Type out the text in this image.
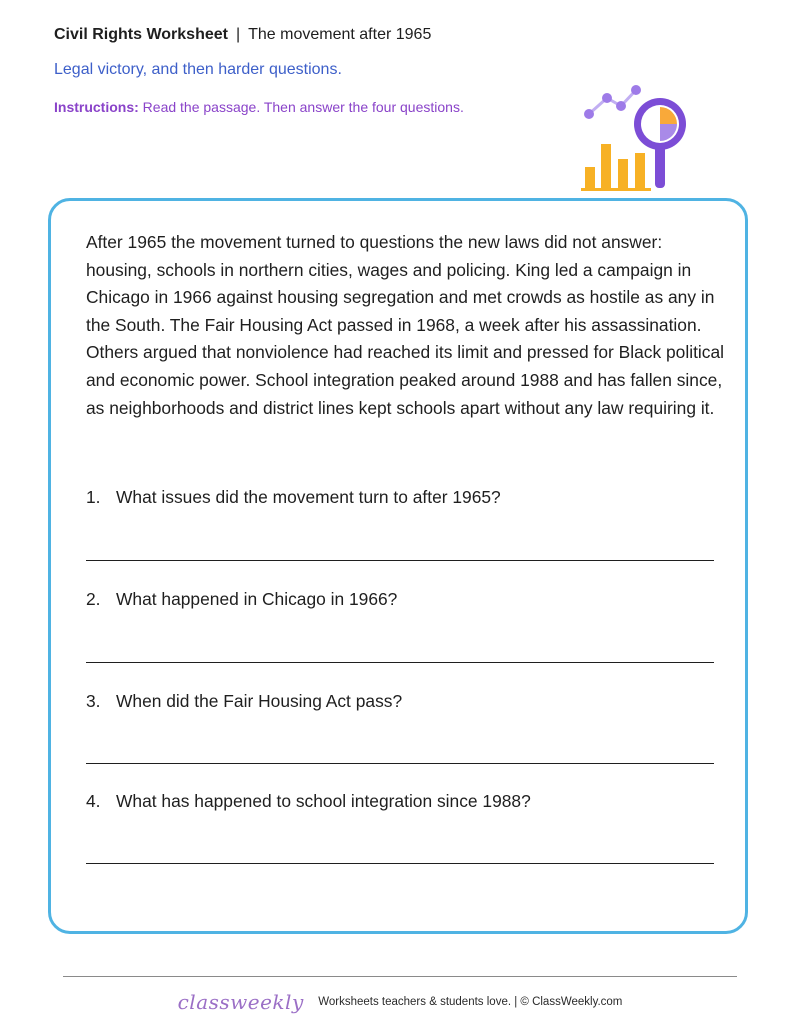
Civil Rights Worksheet | The movement after 1965
Legal victory, and then harder questions.
Instructions: Read the passage. Then answer the four questions.

After 1965 the movement turned to questions the new laws did not answer: housing, schools in northern cities, wages and policing. King led a campaign in Chicago in 1966 against housing segregation and met crowds as hostile as any in the South. The Fair Housing Act passed in 1968, a week after his assassination. Others argued that nonviolence had reached its limit and pressed for Black political and economic power. School integration peaked around 1988 and has fallen since, as neighborhoods and district lines kept schools apart without any law requiring it.

1. What issues did the movement turn to after 1965?
2. What happened in Chicago in 1966?
3. When did the Fair Housing Act pass?
4. What has happened to school integration since 1988?
classweekly Worksheets teachers & students love. | © ClassWeekly.com
